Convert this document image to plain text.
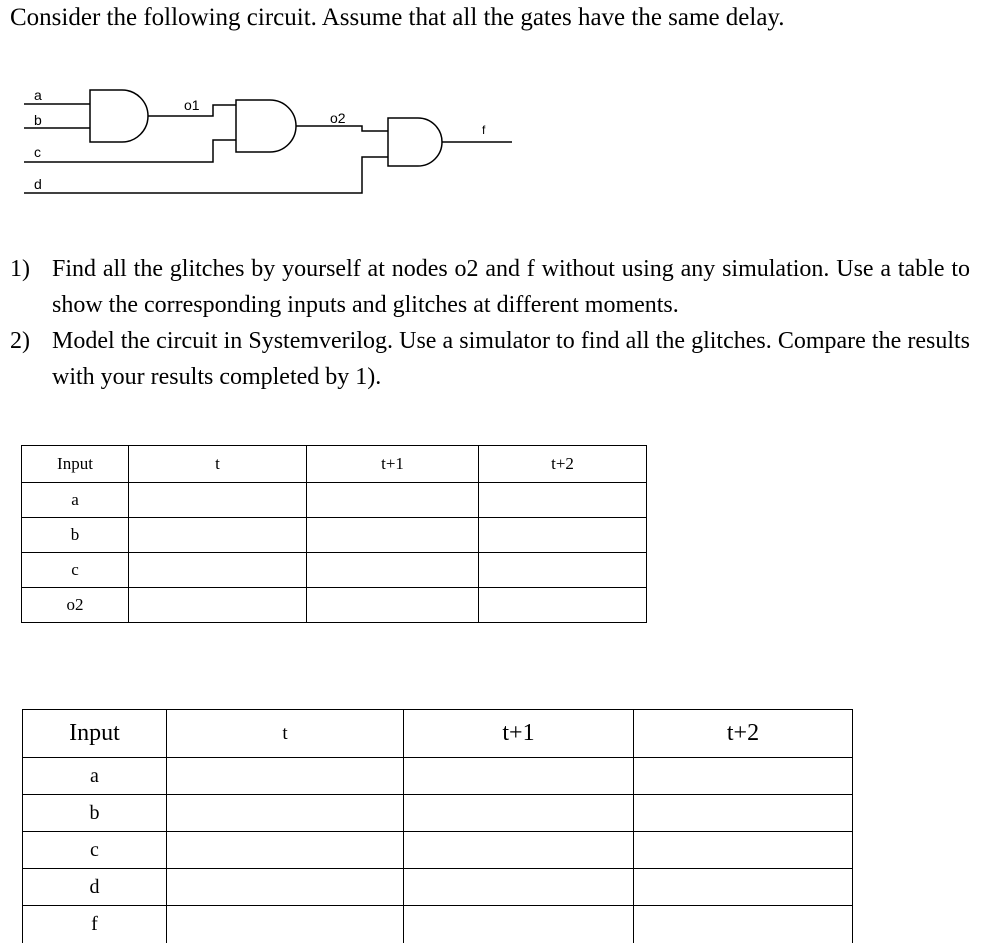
Consider the following circuit. Assume that all the gates have the same delay.
a
b
c
d
o1
o2
f
1) Find all the glitches by yourself at nodes o2 and f without using any simulation. Use a table to show the corresponding inputs and glitches at different moments.
2) Model the circuit in Systemverilog. Use a simulator to find all the glitches. Compare the results with your results completed by 1).
Input	t	t+1	t+2
a			
b			
c			
o2			
Input	t	t+1	t+2
a			
b			
c			
d			
f			
